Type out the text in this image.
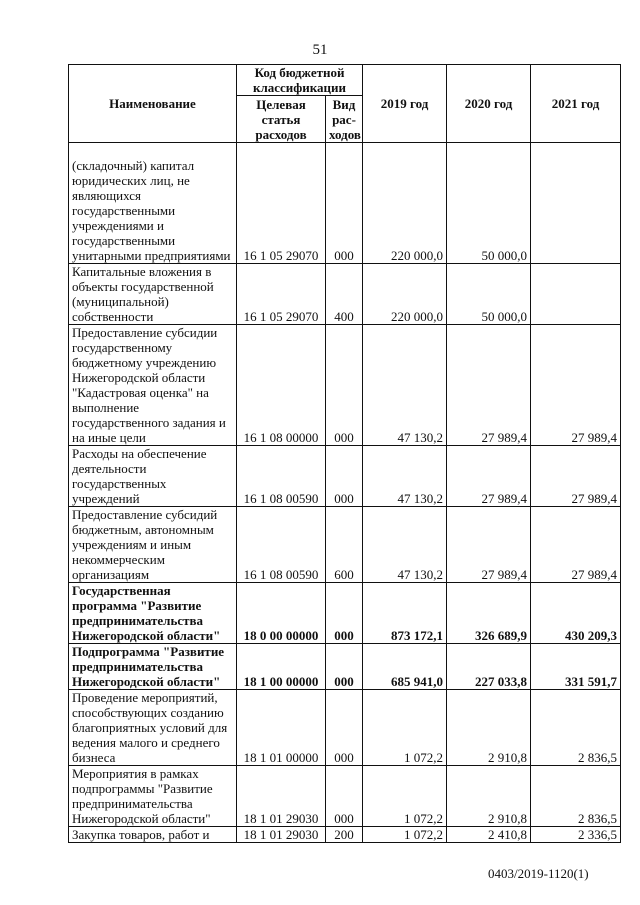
51
Наименование	Код бюджетной классификации		2019 год	2020 год	2021 год
	Целевая статья расходов	Вид рас-ходов			
(складочный) капитал юридических лиц, не являющихся государственными учреждениями и государственными унитарными предприятиями	16 1 05 29070	000	220 000,0	50 000,0	
Капитальные вложения в объекты государственной (муниципальной) собственности	16 1 05 29070	400	220 000,0	50 000,0	
Предоставление субсидии государственному бюджетному учреждению Нижегородской области "Кадастровая оценка" на выполнение государственного задания и на иные цели	16 1 08 00000	000	47 130,2	27 989,4	27 989,4
Расходы на обеспечение деятельности государственных учреждений	16 1 08 00590	000	47 130,2	27 989,4	27 989,4
Предоставление субсидий бюджетным, автономным учреждениям и иным некоммерческим организациям	16 1 08 00590	600	47 130,2	27 989,4	27 989,4
Государственная программа "Развитие предпринимательства Нижегородской области"	18 0 00 00000	000	873 172,1	326 689,9	430 209,3
Подпрограмма "Развитие предпринимательства Нижегородской области"	18 1 00 00000	000	685 941,0	227 033,8	331 591,7
Проведение мероприятий, способствующих созданию благоприятных условий для ведения малого и среднего бизнеса	18 1 01 00000	000	1 072,2	2 910,8	2 836,5
Мероприятия в рамках подпрограммы "Развитие предпринимательства Нижегородской области"	18 1 01 29030	000	1 072,2	2 910,8	2 836,5
Закупка товаров, работ и	18 1 01 29030	200	1 072,2	2 410,8	2 336,5
0403/2019-1120(1)
